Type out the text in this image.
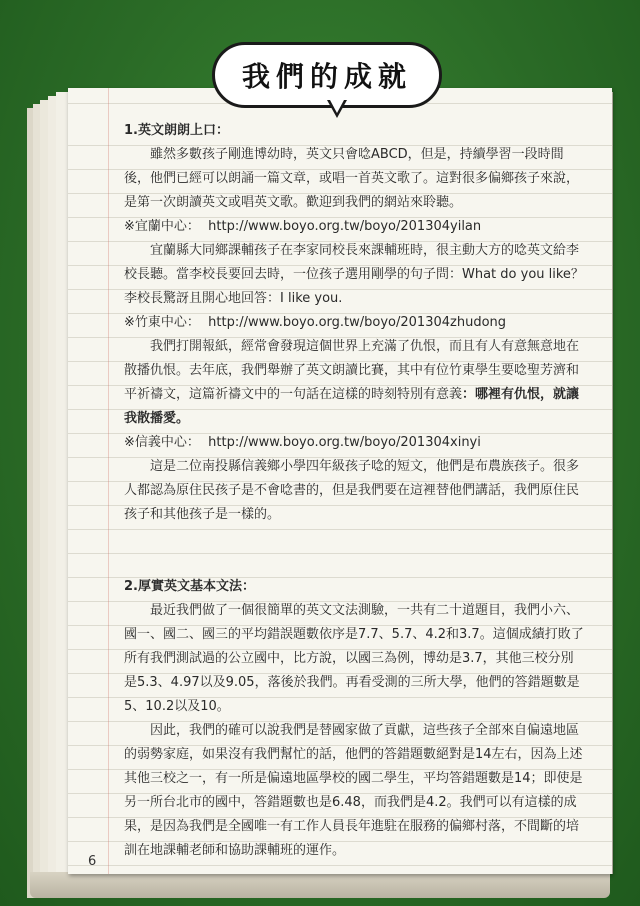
我們的成就

1.英文朗朗上口：

雖然多數孩子剛進博幼時，英文只會唸ABCD，但是，持續學習一段時間後，他們已經可以朗誦一篇文章，或唱一首英文歌了。這對很多偏鄉孩子來說，是第一次朗讀英文或唱英文歌。歡迎到我們的網站來聆聽。

※宜蘭中心： http://www.boyo.org.tw/boyo/201304yilan

宜蘭縣大同鄉課輔孩子在李家同校長來課輔班時，很主動大方的唸英文給李校長聽。當李校長要回去時，一位孩子選用剛學的句子問：What do you like？李校長驚訝且開心地回答：I like you.

※竹東中心： http://www.boyo.org.tw/boyo/201304zhudong

我們打開報紙，經常會發現這個世界上充滿了仇恨，而且有人有意無意地在散播仇恨。去年底，我們舉辦了英文朗讀比賽，其中有位竹東學生要唸聖芳濟和平祈禱文，這篇祈禱文中的一句話在這樣的時刻特別有意義：哪裡有仇恨，就讓我散播愛。

※信義中心： http://www.boyo.org.tw/boyo/201304xinyi

這是二位南投縣信義鄉小學四年級孩子唸的短文，他們是布農族孩子。很多人都認為原住民孩子是不會唸書的，但是我們要在這裡替他們講話，我們原住民孩子和其他孩子是一樣的。

2.厚實英文基本文法：

最近我們做了一個很簡單的英文文法測驗，一共有二十道題目，我們小六、國一、國二、國三的平均錯誤題數依序是7.7、5.7、4.2和3.7。這個成績打敗了所有我們測試過的公立國中，比方說，以國三為例，博幼是3.7，其他三校分別是5.3、4.97以及9.05，落後於我們。再看受測的三所大學，他們的答錯題數是5、10.2以及10。

因此，我們的確可以說我們是替國家做了貢獻，這些孩子全部來自偏遠地區的弱勢家庭，如果沒有我們幫忙的話，他們的答錯題數絕對是14左右，因為上述其他三校之一，有一所是偏遠地區學校的國二學生，平均答錯題數是14；即使是另一所台北市的國中，答錯題數也是6.48，而我們是4.2。我們可以有這樣的成果，是因為我們是全國唯一有工作人員長年進駐在服務的偏鄉村落，不間斷的培訓在地課輔老師和協助課輔班的運作。

6
